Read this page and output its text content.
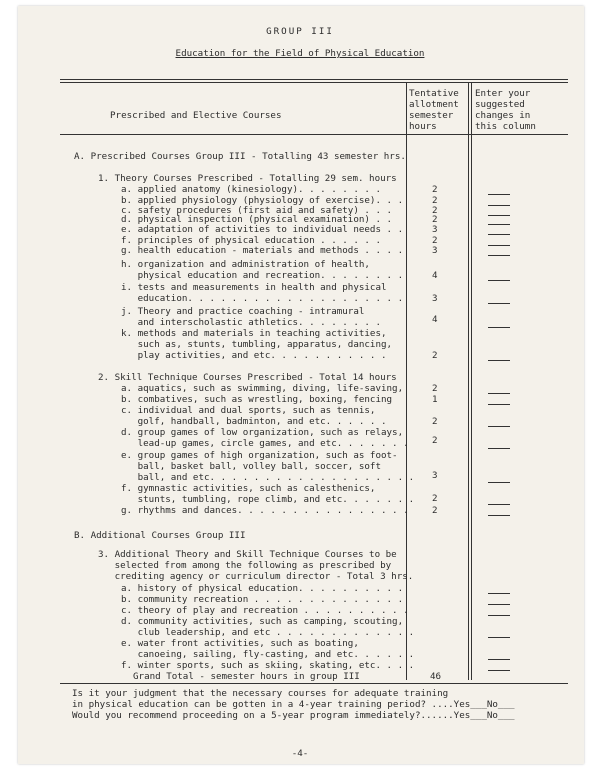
GROUP III
Education for the Field of Physical Education
Prescribed and Elective Courses
Tentative
allotment
semester
hours
Enter your
suggested
changes in
this column
A. Prescribed Courses Group III - Totalling 43 semester hrs.
1. Theory Courses Prescribed - Totalling 29 sem. hours
a. applied anatomy (kinesiology). . . . . . . .	2
b. applied physiology (physiology of exercise). . .	2
c. safety procedures (first aid and safety) . . .	2
d. physical inspection (physical examination) . .	2
e. adaptation of activities to individual needs . .	3
f. principles of physical education . . . . . .	2
g. health education - materials and methods . . . .	3
h. organization and administration of health,
physical education and recreation. . . . . . . .	4
i. tests and measurements in health and physical
education. . . . . . . . . . . . . . . . . . . .	3
j. Theory and practice coaching - intramural
and interscholastic athletics. . . . . . . .	4
k. methods and materials in teaching activities,
such as, stunts, tumbling, apparatus, dancing,
play activities, and etc. . . . . . . . . . .	2
2. Skill Technique Courses Prescribed - Total 14 hours
a. aquatics, such as swimming, diving, life-saving,	2
b. combatives, such as wrestling, boxing, fencing	1
c. individual and dual sports, such as tennis,
golf, handball, badminton, and etc. . . . . .	2
d. group games of low organization, such as relays,
lead-up games, circle games, and etc. . . . . . .	2
e. group games of high organization, such as foot-
ball, basket ball, volley ball, soccer, soft
ball, and etc. . . . . . . . . . . . . . . . . . . 3
f. gymnastic activities, such as calesthenics,
stunts, tumbling, rope climb, and etc. . . . . . . 2
g. rhythms and dances. . . . . . . . . . . . . . . .	2
B. Additional Courses Group III
3. Additional Theory and Skill Technique Courses to be
selected from among the following as prescribed by
crediting agency or curriculum director - Total 3 hrs.
a. history of physical education. . . . . . . . . .
b. community recreation . . . . . . . . . . . . . .
c. theory of play and recreation . . . . . . . . . .
d. community activities, such as camping, scouting,
club leadership, and etc . . . . . . . . . . . . .
e. water front activities, such as boating,
canoeing, sailing, fly-casting, and etc. . . . . .
f. winter sports, such as skiing, skating, etc. . . .
Grand Total - semester hours in group III	46
Is it your judgment that the necessary courses for adequate training
in physical education can be gotten in a 4-year training period? ....Yes___No___
Would you recommend proceeding on a 5-year program immediately?......Yes___No___
-4-
